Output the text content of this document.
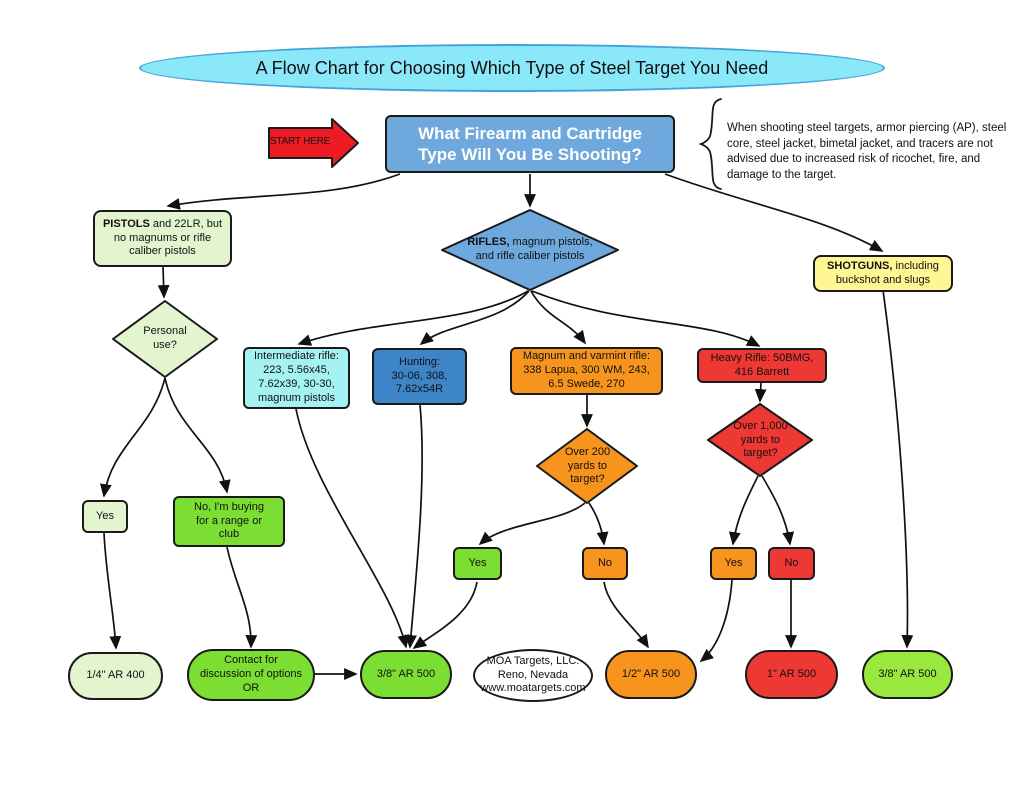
A Flow Chart for Choosing Which Type of Steel Target You Need
START HERE	What Firearm and Cartridge
Type Will You Be Shooting?
When shooting steel targets, armor piercing (AP), steel core, steel jacket, bimetal jacket, and tracers are not advised due to increased risk of ricochet, fire, and damage to the target.
PISTOLS and 22LR, but no magnums or rifle caliber pistols
SHOTGUNS, including buckshot and slugs
RIFLES, magnum pistols, and rifle caliber pistols
Personal
use?
Over 200
yards to
target?
Over 1,000
yards to
target?
Intermediate rifle:
223, 5.56x45,
7.62x39, 30-30,
magnum pistols
Hunting:
30-06, 308,
7.62x54R
Magnum and varmint rifle:
338 Lapua, 300 WM, 243,
6.5 Swede, 270
Heavy Rifle: 50BMG,
416 Barrett
Yes
No, I'm buying
for a range or
club
Yes	No	Yes	No
1/4" AR 400
Contact for
discussion of options
OR
3/8" AR 500
MOA Targets, LLC.
Reno, Nevada
www.moatargets.com
1/2" AR 500	1" AR 500	3/8" AR 500
